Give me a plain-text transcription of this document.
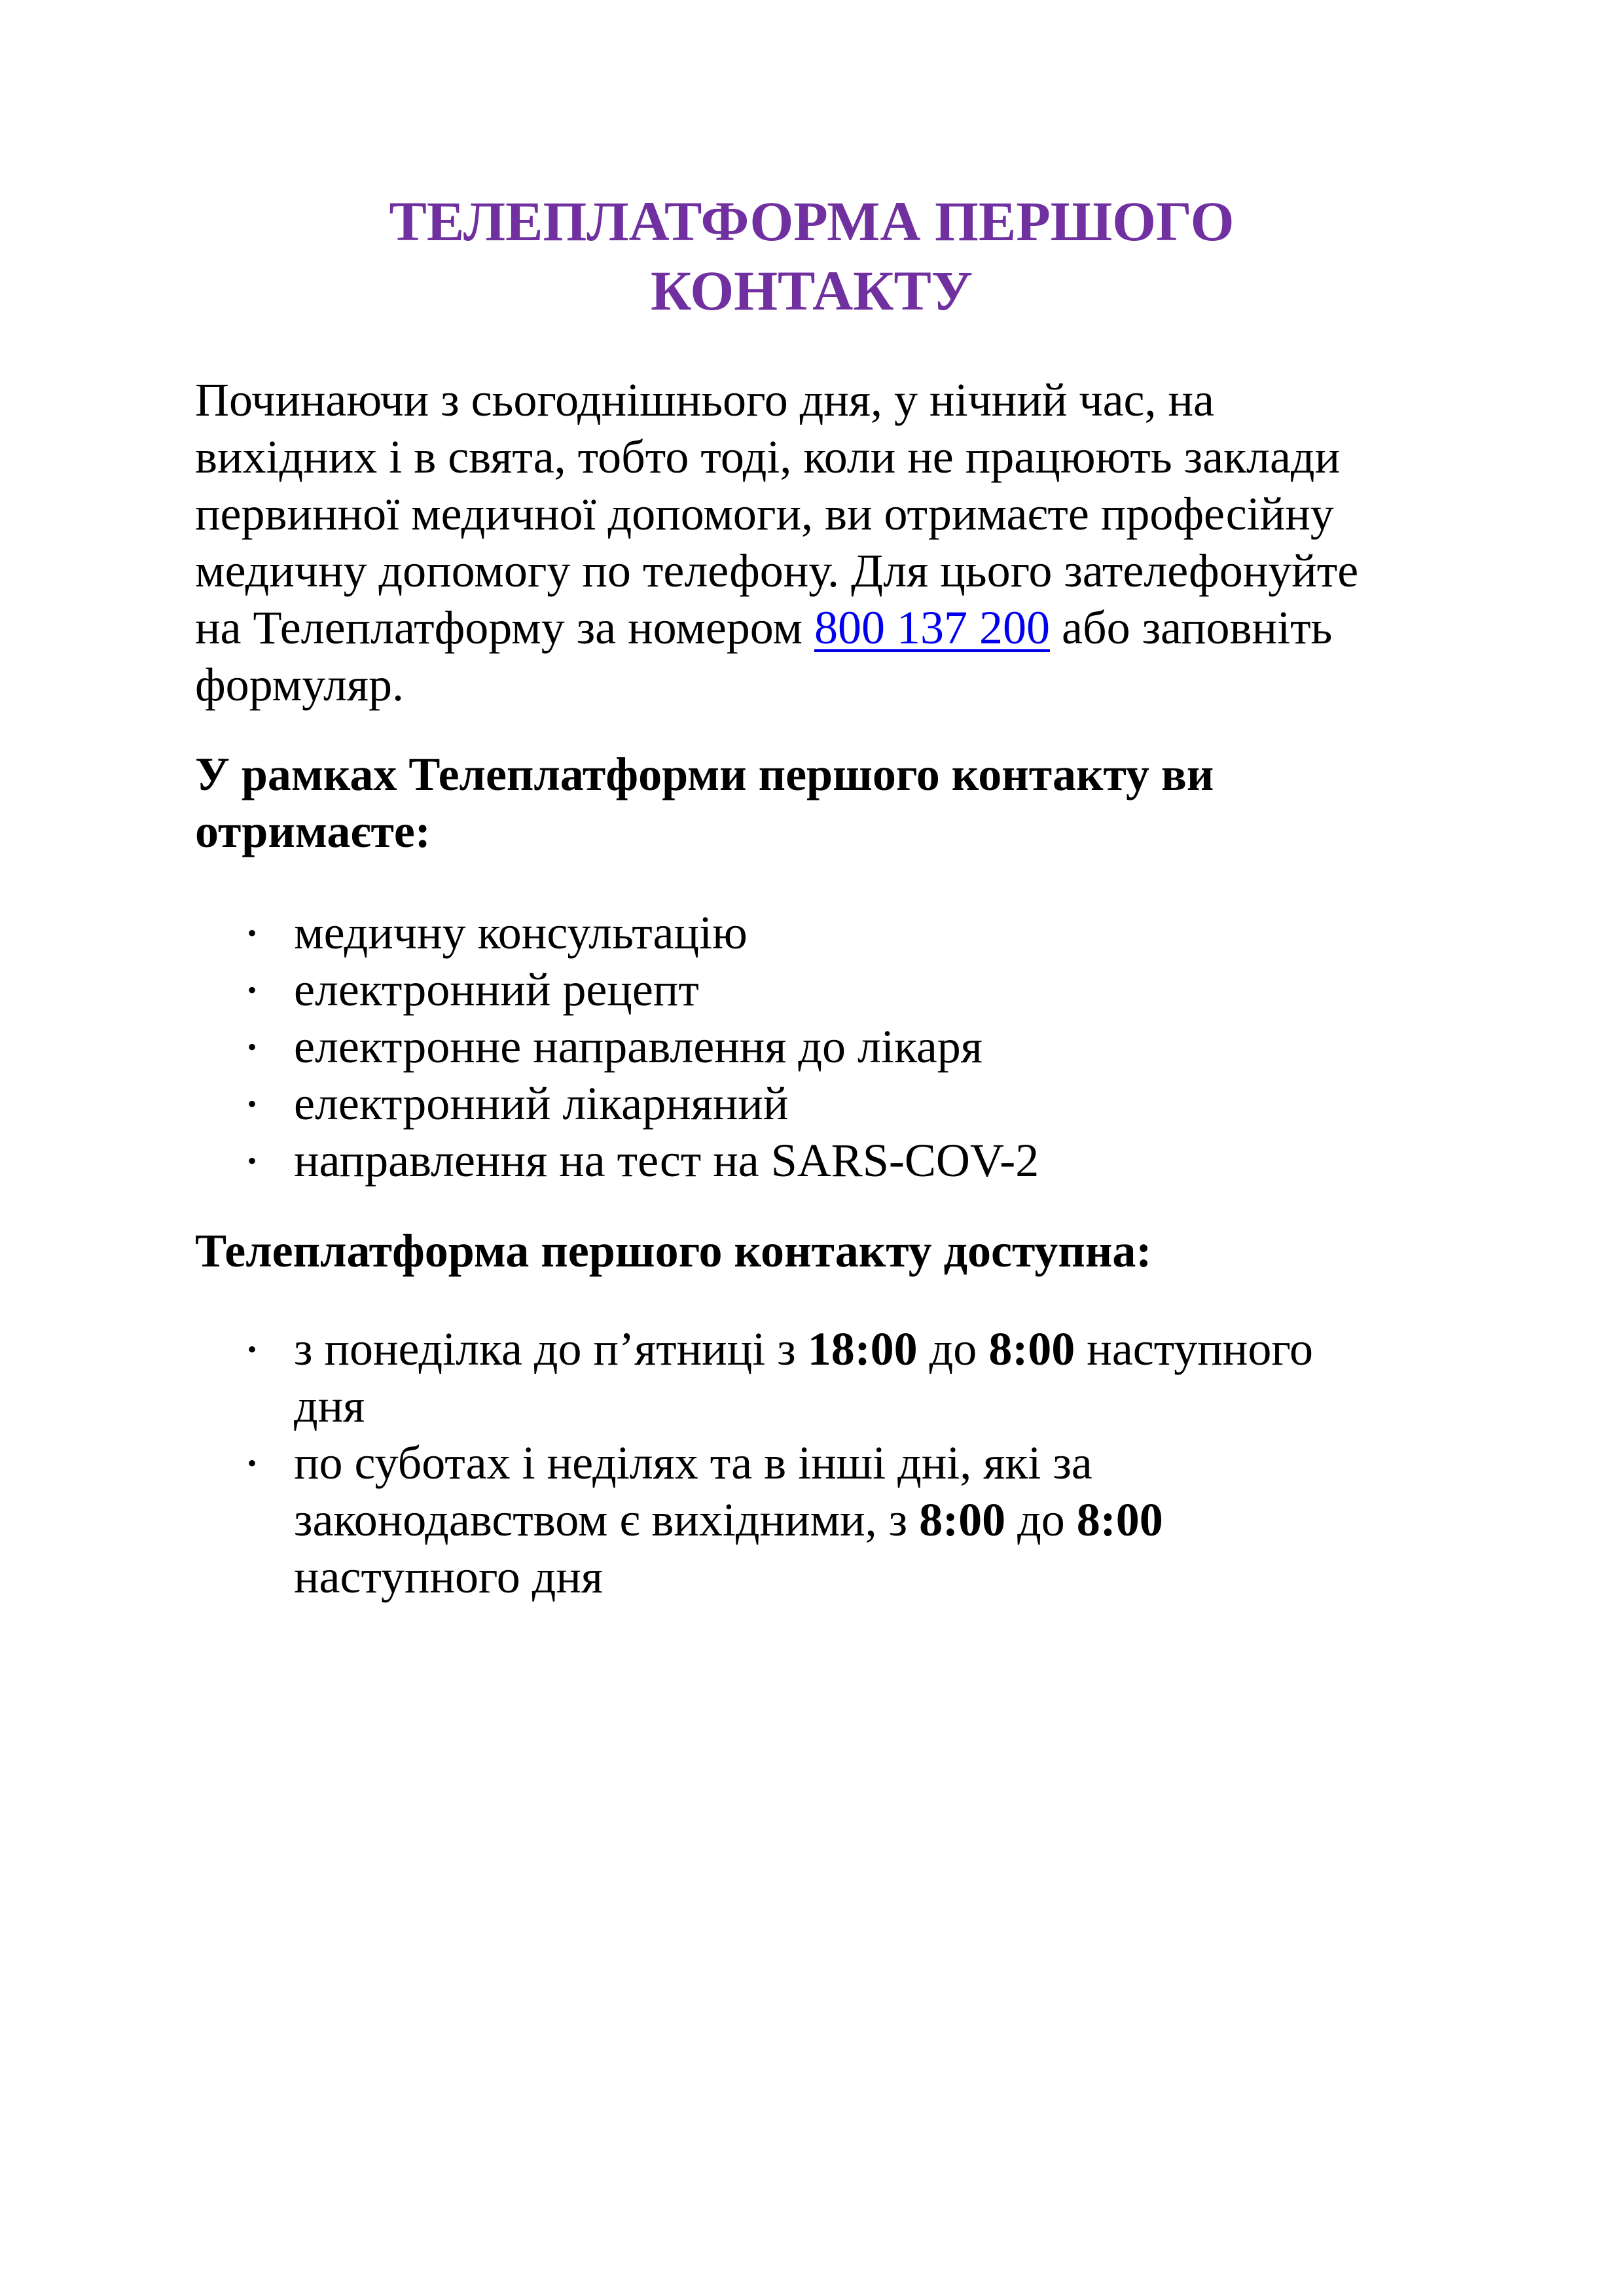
ТЕЛЕПЛАТФОРМА ПЕРШОГО
КОНТАКТУ

Починаючи з сьогоднішнього дня, у нічний час, на
вихідних і в свята, тобто тоді, коли не працюють заклади
первинної медичної допомоги, ви отримаєте професійну
медичну допомогу по телефону. Для цього зателефонуйте
на Телеплатформу за номером 800 137 200 або заповніть
формуляр.

У рамках Телеплатформи першого контакту ви
отримаєте:
• медичну консультацію
• електронний рецепт
• електронне направлення до лікаря
• електронний лікарняний
• направлення на тест на SARS-COV-2
Телеплатформа першого контакту доступна:
• з понеділка до п’ятниці з 18:00 до 8:00 наступного
дня
• по суботах і неділях та в інші дні, які за
законодавством є вихідними, з 8:00 до 8:00
наступного дня
